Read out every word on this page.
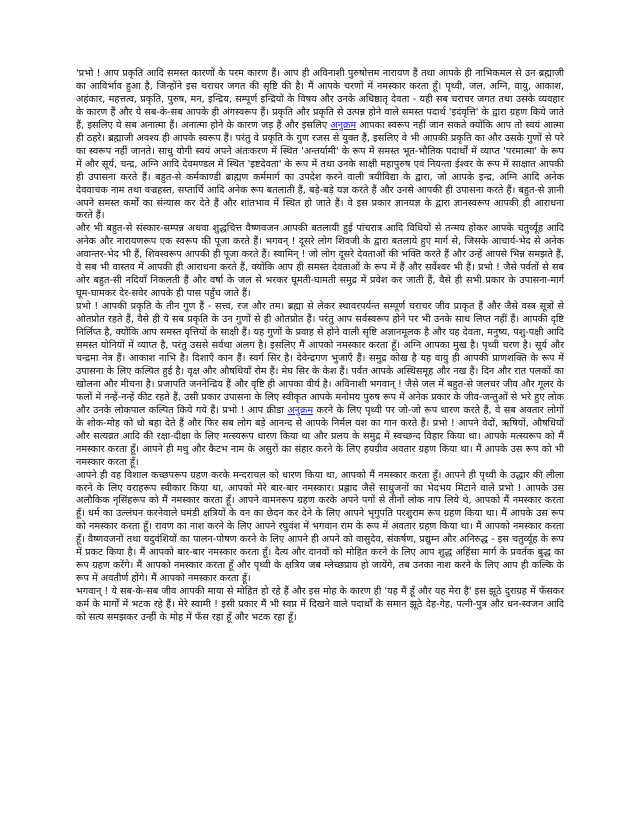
'प्रभो ! आप प्रकृति आदि समस्त कारणों के परम कारण हैं। आप ही अविनाशी पुरुषोत्तम नारायण हैं तथा आपके ही नाभिकमल से उन ब्रह्माजी का आविर्भाव हुआ है, जिन्होंने इस चराचर जगत की सृष्टि की है। मैं आपके चरणों में नमस्कार करता हूँ। पृथ्वी, जल, अग्नि, वायु, आकाश, अहंकार, महत्तत्व, प्रकृति, पुरुष, मन, इन्द्रिय, सम्पूर्ण इन्द्रियों के विषय और उनके अधिष्ठातृ देवता - यही सब चराचर जगत तथा उसके व्यवहार के कारण हैं और ये सब-के-सब आपके ही अंगस्वरूप हैं। प्रकृति और प्रकृति से उत्पन्न होने वाले समस्त पदार्थ 'इदंवृत्ति' के द्वारा ग्रहण किये जाते हैं, इसलिए ये सब अनात्मा हैं। अनात्मा होने के कारण जड़ हैं और इसलिए अनुक्रम आपका स्वरूप नहीं जान सकते क्योंकि आप तो स्वयं आत्मा ही ठहरे। ब्रह्माजी अवश्य ही आपके स्वरूप हैं। परंतु वे प्रकृति के गुण रजस से युक्त हैं, इसलिए वे भी आपकी प्रकृति का और उसके गुणों से परे का स्वरूप नहीं जानते। साधु योगी स्वयं अपने अंतःकरण में स्थित 'अन्तर्यामी' के रूप में समस्त भूत-भौतिक पदार्थों में व्याप्त 'परमात्मा' के रूप में और सूर्य, चन्द्र, अग्नि आदि देवमण्डल में स्थित 'इष्टदेवता' के रूप में तथा उनके साक्षी महापुरुष एवं नियन्ता ईश्वर के रूप में साक्षात आपकी ही उपासना करते हैं। बहुत-से कर्मकाण्डी ब्राह्मण कर्ममार्ग का उपदेश करने वाली त्रयीविद्या के द्वारा, जो आपके इन्द्र, अग्नि आदि अनेक देववाचक नाम तथा वज्रहस्त, सप्तार्चि आदि अनेक रूप बतलाती हैं, बड़े-बड़े यज्ञ करते हैं और उनसे आपकी ही उपासना करते हैं। बहुत-से ज्ञानी अपने समस्त कर्मों का संन्यास कर देते हैं और शांतभाव में स्थित हो जाते हैं। वे इस प्रकार ज्ञानयज्ञ के द्वारा ज्ञानस्वरूप आपकी ही आराधना करते हैं।

और भी बहुत-से संस्कार-सम्पन्न अथवा शुद्धचित्त वैष्णवजन आपकी बतलायी हुई पांचरात्र आदि विधियों से तन्मय होकर आपके चतुर्व्यूह आदि अनेक और नारायणरूप एक स्वरूप की पूजा करते हैं। भगवन् ! दूसरे लोग शिवजी के द्वारा बतलाये हुए मार्ग से, जिसके आचार्य-भेद से अनेक अवान्तर-भेद भी हैं, शिवस्वरूप आपकी ही पूजा करते हैं। स्वामिन् ! जो लोग दूसरे देवताओं की भक्ति करते हैं और उन्हें आपसे भिन्न समझते हैं, वे सब भी वास्तव में आपकी ही आराधना करते हैं, क्योंकि आप ही समस्त देवताओं के रूप में हैं और सर्वेश्वर भी हैं। प्रभो ! जैसे पर्वतों से सब ओर बहुत-सी नदियाँ निकलती हैं और वर्षा के जल से भरकर घूमती-घामती समुद्र में प्रवेश कर जाती हैं, वैसे ही सभी प्रकार के उपासना-मार्ग घूम-घामकर देर-सवेर आपके ही पास पहुँच जाते हैं।

प्रभो ! आपकी प्रकृति के तीन गुण हैं - सत्त्व, रज और तम। ब्रह्मा से लेकर स्थावरपर्यन्त सम्पूर्ण चराचर जीव प्राकृत हैं और जैसे वस्त्र सूत्रों से ओतप्रोत रहते हैं, वैसे ही ये सब प्रकृति के उन गुणों से ही ओतप्रोत हैं। परंतु आप सर्वस्वरूप होने पर भी उनके साथ लिप्त नहीं हैं। आपकी दृष्टि निर्लिप्त है, क्योंकि आप समस्त वृत्तियों के साक्षी हैं। यह गुणों के प्रवाह से होने वाली सृष्टि अज्ञानमूलक है और यह देवता, मनुष्य, पशु-पक्षी आदि समस्त योनियों में व्याप्त है, परंतु उससे सर्वथा अलग है। इसलिए मैं आपको नमस्कार करता हूँ। अग्नि आपका मुख है। पृथ्वी चरण है। सूर्य और चन्द्रमा नेत्र हैं। आकाश नाभि है। दिशाएँ कान हैं। स्वर्ग सिर है। देवेन्द्रगण भुजाएँ हैं। समुद्र कोख है यह वायु ही आपकी प्राणशक्ति के रूप में उपासना के लिए कल्पित हुई है। वृक्ष और औषधियाँ रोम हैं। मेघ सिर के केश हैं। पर्वत आपके अस्थिसमूह और नख हैं। दिन और रात पलकों का खोलना और मीचना है। प्रजापति जननेन्द्रिय हैं और वृष्टि ही आपका वीर्य है। अविनाशी भगवान् ! जैसे जल में बहुत-से जलचर जीव और गूलर के फलों में नन्हें-नन्हें कीट रहते हैं, उसी प्रकार उपासना के लिए स्वीकृत आपके मनोमय पुरुष रूप में अनेक प्रकार के जीव-जन्तुओं से भरे हुए लोक और उनके लोकपाल कल्पित किये गये हैं। प्रभो ! आप क्रीडा अनुक्रम करने के लिए पृथ्वी पर जो-जो रूप धारण करते हैं, वे सब अवतार लोगों के शोक-मोह को धो बहा देते हैं और फिर सब लोग बड़े आनन्द से आपके निर्मल यश का गान करते हैं। प्रभो ! आपने वेदों, ऋषियों, औषधियों और सत्यव्रत आदि की रक्षा-दीक्षा के लिए मत्स्यरूप धारण किया था और प्रलय के समुद्र में स्वच्छन्द विहार किया था। आपके मत्स्यरूप को मैं नमस्कार करता हूँ। आपने ही मधु और कैटभ नाम के असुरों का संहार करने के लिए हयग्रीव अवतार ग्रहण किया था। मैं आपके उस रूप को भी नमस्कार करता हूँ।

आपने ही वह विशाल कच्छपरूप ग्रहण करके मन्दराचल को धारण किया था, आपको मैं नमस्कार करता हूँ। आपने ही पृथ्वी के उद्धार की लीला करने के लिए वराहरूप स्वीकार किया था, आपको मेरे बार-बार नमस्कार। प्रह्लाद जैसे साधुजनों का भेदभय मिटाने वाले प्रभो ! आपके उस अलौकिक नृसिंहरूप को मैं नमस्कार करता हूँ। आपने वामनरूप ग्रहण करके अपने पगों से तीनों लोक नाप लिये थे, आपको मैं नमस्कार करता हूँ। धर्म का उल्लंघन करनेवाले घमंडी क्षत्रियों के वन का छेदन कर देने के लिए आपने भृगुपति परशुराम रूप ग्रहण किया था। मैं आपके उस रूप को नमस्कार करता हूँ। रावण का नाश करने के लिए आपने रघुवंश में भगवान राम के रूप में अवतार ग्रहण किया था। मैं आपको नमस्कार करता हूँ। वैष्णवजनों तथा यदुवंशियों का पालन-पोषण करने के लिए आपने ही अपने को वासुदेव, संकर्षण, प्रद्युम्न और अनिरुद्ध - इस चतुर्व्यूह के रूप में प्रकट किया है। मैं आपको बार-बार नमस्कार करता हूँ। दैत्य और दानवों को मोहित करने के लिए आप शुद्ध अहिंसा मार्ग के प्रवर्तक बुद्ध का रूप ग्रहण करेंगे। मैं आपको नमस्कार करता हूँ और पृथ्वी के क्षत्रिय जब म्लेच्छप्राय हो जायेंगे, तब उनका नाश करने के लिए आप ही कल्कि के रूप में अवतीर्ण होंगे। मैं आपको नमस्कार करता हूँ।

भगवान् ! ये सब-के-सब जीव आपकी माया से मोहित हो रहे हैं और इस मोह के कारण ही 'यह मैं हूँ और यह मेरा है' इस झूठे दुराग्रह में फँसकर कर्म के मार्गों में भटक रहे हैं। मेरे स्वामी ! इसी प्रकार मैं भी स्वप्न में दिखने वाले पदार्थों के समान झूठे देह-गेह, पत्नी-पुत्र और धन-स्वजन आदि को सत्य समझकर उन्हीं के मोह में फँस रहा हूँ और भटक रहा हूँ।
